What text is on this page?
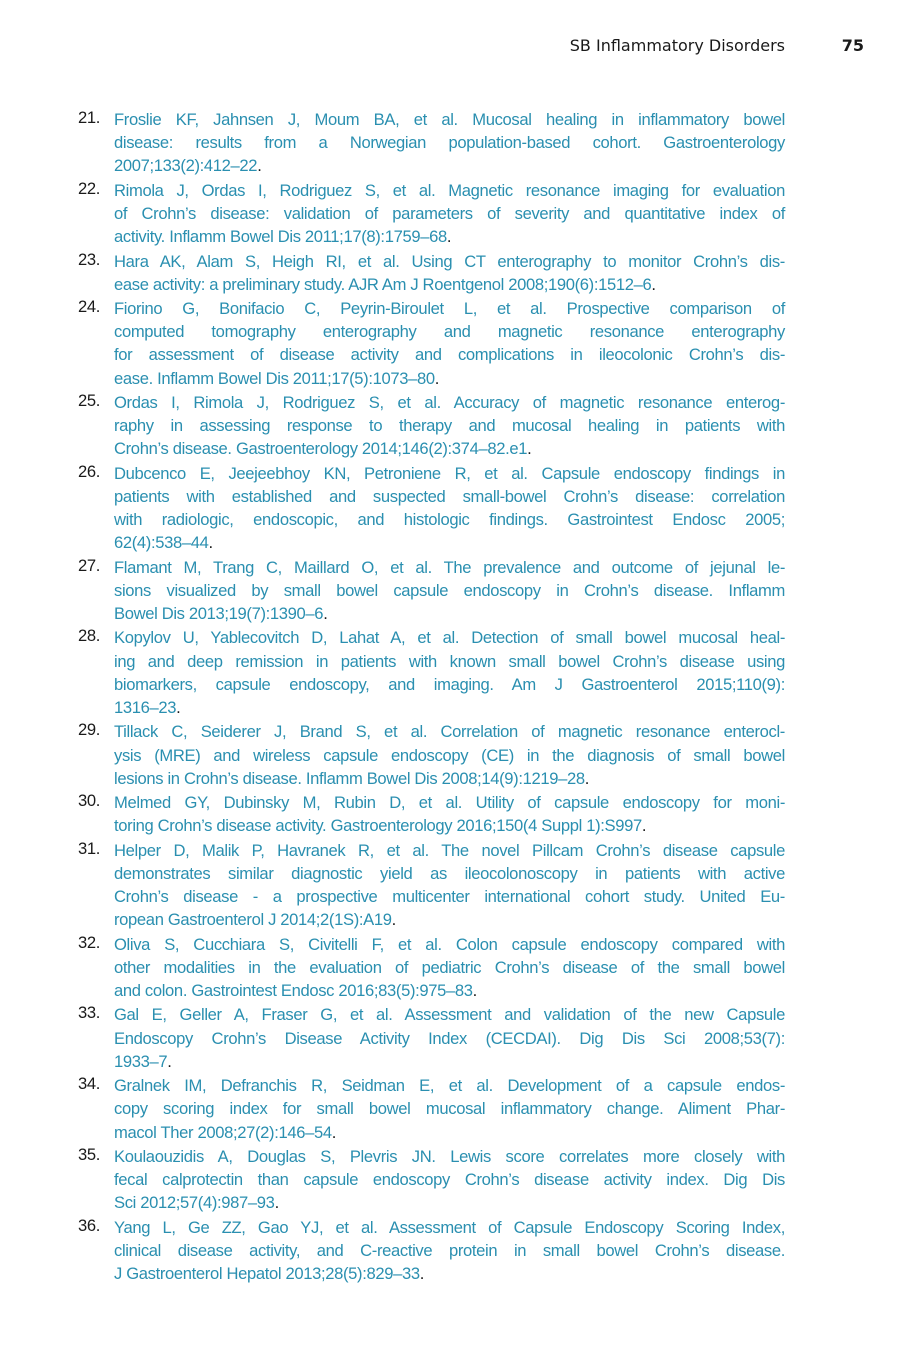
SB Inflammatory Disorders	75
21. Froslie KF, Jahnsen J, Moum BA, et al. Mucosal healing in inflammatory bowel
disease: results from a Norwegian population-based cohort. Gastroenterology
2007;133(2):412–22.
22. Rimola J, Ordas I, Rodriguez S, et al. Magnetic resonance imaging for evaluation
of Crohn’s disease: validation of parameters of severity and quantitative index of
activity. Inflamm Bowel Dis 2011;17(8):1759–68.
23. Hara AK, Alam S, Heigh RI, et al. Using CT enterography to monitor Crohn’s dis-
ease activity: a preliminary study. AJR Am J Roentgenol 2008;190(6):1512–6.
24. Fiorino G, Bonifacio C, Peyrin-Biroulet L, et al. Prospective comparison of
computed tomography enterography and magnetic resonance enterography
for assessment of disease activity and complications in ileocolonic Crohn’s dis-
ease. Inflamm Bowel Dis 2011;17(5):1073–80.
25. Ordas I, Rimola J, Rodriguez S, et al. Accuracy of magnetic resonance enterog-
raphy in assessing response to therapy and mucosal healing in patients with
Crohn’s disease. Gastroenterology 2014;146(2):374–82.e1.
26. Dubcenco E, Jeejeebhoy KN, Petroniene R, et al. Capsule endoscopy findings in
patients with established and suspected small-bowel Crohn’s disease: correlation
with radiologic, endoscopic, and histologic findings. Gastrointest Endosc 2005;
62(4):538–44.
27. Flamant M, Trang C, Maillard O, et al. The prevalence and outcome of jejunal le-
sions visualized by small bowel capsule endoscopy in Crohn’s disease. Inflamm
Bowel Dis 2013;19(7):1390–6.
28. Kopylov U, Yablecovitch D, Lahat A, et al. Detection of small bowel mucosal heal-
ing and deep remission in patients with known small bowel Crohn’s disease using
biomarkers, capsule endoscopy, and imaging. Am J Gastroenterol 2015;110(9):
1316–23.
29. Tillack C, Seiderer J, Brand S, et al. Correlation of magnetic resonance enterocl-
ysis (MRE) and wireless capsule endoscopy (CE) in the diagnosis of small bowel
lesions in Crohn’s disease. Inflamm Bowel Dis 2008;14(9):1219–28.
30. Melmed GY, Dubinsky M, Rubin D, et al. Utility of capsule endoscopy for moni-
toring Crohn’s disease activity. Gastroenterology 2016;150(4 Suppl 1):S997.
31. Helper D, Malik P, Havranek R, et al. The novel Pillcam Crohn’s disease capsule
demonstrates similar diagnostic yield as ileocolonoscopy in patients with active
Crohn’s disease - a prospective multicenter international cohort study. United Eu-
ropean Gastroenterol J 2014;2(1S):A19.
32. Oliva S, Cucchiara S, Civitelli F, et al. Colon capsule endoscopy compared with
other modalities in the evaluation of pediatric Crohn’s disease of the small bowel
and colon. Gastrointest Endosc 2016;83(5):975–83.
33. Gal E, Geller A, Fraser G, et al. Assessment and validation of the new Capsule
Endoscopy Crohn’s Disease Activity Index (CECDAI). Dig Dis Sci 2008;53(7):
1933–7.
34. Gralnek IM, Defranchis R, Seidman E, et al. Development of a capsule endos-
copy scoring index for small bowel mucosal inflammatory change. Aliment Phar-
macol Ther 2008;27(2):146–54.
35. Koulaouzidis A, Douglas S, Plevris JN. Lewis score correlates more closely with
fecal calprotectin than capsule endoscopy Crohn’s disease activity index. Dig Dis
Sci 2012;57(4):987–93.
36. Yang L, Ge ZZ, Gao YJ, et al. Assessment of Capsule Endoscopy Scoring Index,
clinical disease activity, and C-reactive protein in small bowel Crohn’s disease.
J Gastroenterol Hepatol 2013;28(5):829–33.
